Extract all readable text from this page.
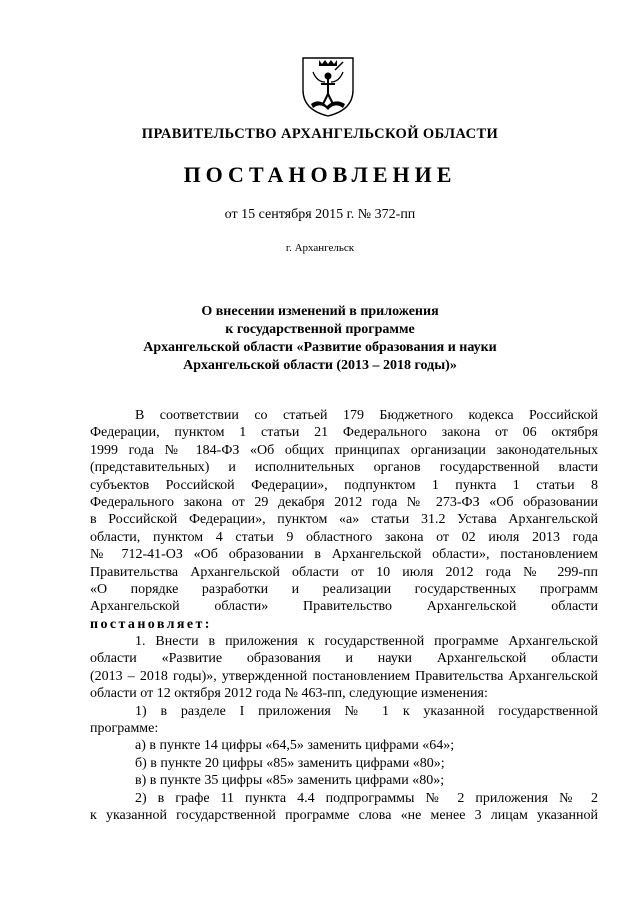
ПРАВИТЕЛЬСТВО АРХАНГЕЛЬСКОЙ ОБЛАСТИ
ПОСТАНОВЛЕНИЕ
от 15 сентября 2015 г. № 372-пп
г. Архангельск
О внесении изменений в приложения
к государственной программе
Архангельской области «Развитие образования и науки
Архангельской области (2013 – 2018 годы)»
В соответствии со статьей 179 Бюджетного кодекса Российской
Федерации, пунктом 1 статьи 21 Федерального закона от 06 октября
1999 года № 184-ФЗ «Об общих принципах организации законодательных
(представительных) и исполнительных органов государственной власти
субъектов Российской Федерации», подпунктом 1 пункта 1 статьи 8
Федерального закона от 29 декабря 2012 года № 273-ФЗ «Об образовании
в Российской Федерации», пунктом «а» статьи 31.2 Устава Архангельской
области, пунктом 4 статьи 9 областного закона от 02 июля 2013 года
№ 712-41-ОЗ «Об образовании в Архангельской области», постановлением
Правительства Архангельской области от 10 июля 2012 года № 299-пп
«О порядке разработки и реализации государственных программ
Архангельской области» Правительство Архангельской области
постановляет:
1. Внести в приложения к государственной программе Архангельской
области «Развитие образования и науки Архангельской области
(2013 – 2018 годы)», утвержденной постановлением Правительства Архангельской
области от 12 октября 2012 года № 463-пп, следующие изменения:
1) в разделе I приложения № 1 к указанной государственной
программе:
а) в пункте 14 цифры «64,5» заменить цифрами «64»;
б) в пункте 20 цифры «85» заменить цифрами «80»;
в) в пункте 35 цифры «85» заменить цифрами «80»;
2) в графе 11 пункта 4.4 подпрограммы № 2 приложения № 2
к указанной государственной программе слова «не менее 3 лицам указанной
